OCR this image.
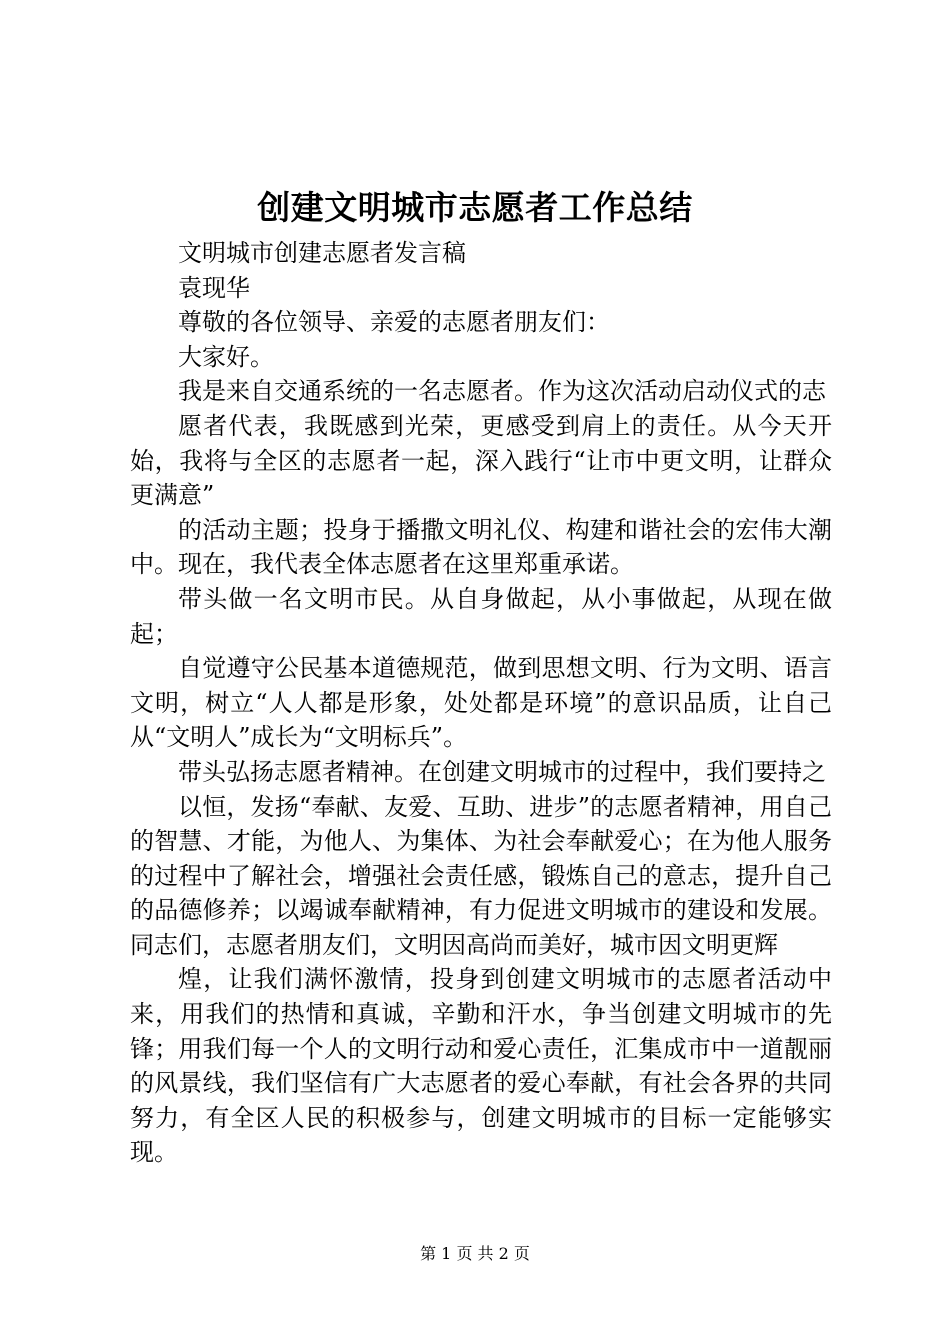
创建文明城市志愿者工作总结

文明城市创建志愿者发言稿

袁现华

尊敬的各位领导、亲爱的志愿者朋友们：

大家好。

我是来自交通系统的一名志愿者。作为这次活动启动仪式的志

愿者代表，我既感到光荣，更感受到肩上的责任。从今天开始，我将与全区的志愿者一起，深入践行“让市中更文明，让群众更满意”

的活动主题；投身于播撒文明礼仪、构建和谐社会的宏伟大潮中。现在，我代表全体志愿者在这里郑重承诺。

带头做一名文明市民。从自身做起，从小事做起，从现在做起；

自觉遵守公民基本道德规范，做到思想文明、行为文明、语言文明，树立“人人都是形象，处处都是环境”的意识品质，让自己从“文明人”成长为“文明标兵”。

带头弘扬志愿者精神。在创建文明城市的过程中，我们要持之

以恒，发扬“奉献、友爱、互助、进步”的志愿者精神，用自己的智慧、才能，为他人、为集体、为社会奉献爱心；在为他人服务的过程中了解社会，增强社会责任感，锻炼自己的意志，提升自己的品德修养；以竭诚奉献精神，有力促进文明城市的建设和发展。同志们，志愿者朋友们，文明因高尚而美好，城市因文明更辉

煌，让我们满怀激情，投身到创建文明城市的志愿者活动中来，用我们的热情和真诚，辛勤和汗水，争当创建文明城市的先锋；用我们每一个人的文明行动和爱心责任，汇集成市中一道靓丽的风景线，我们坚信有广大志愿者的爱心奉献，有社会各界的共同努力，有全区人民的积极参与，创建文明城市的目标一定能够实现。

第 1 页 共 2 页
